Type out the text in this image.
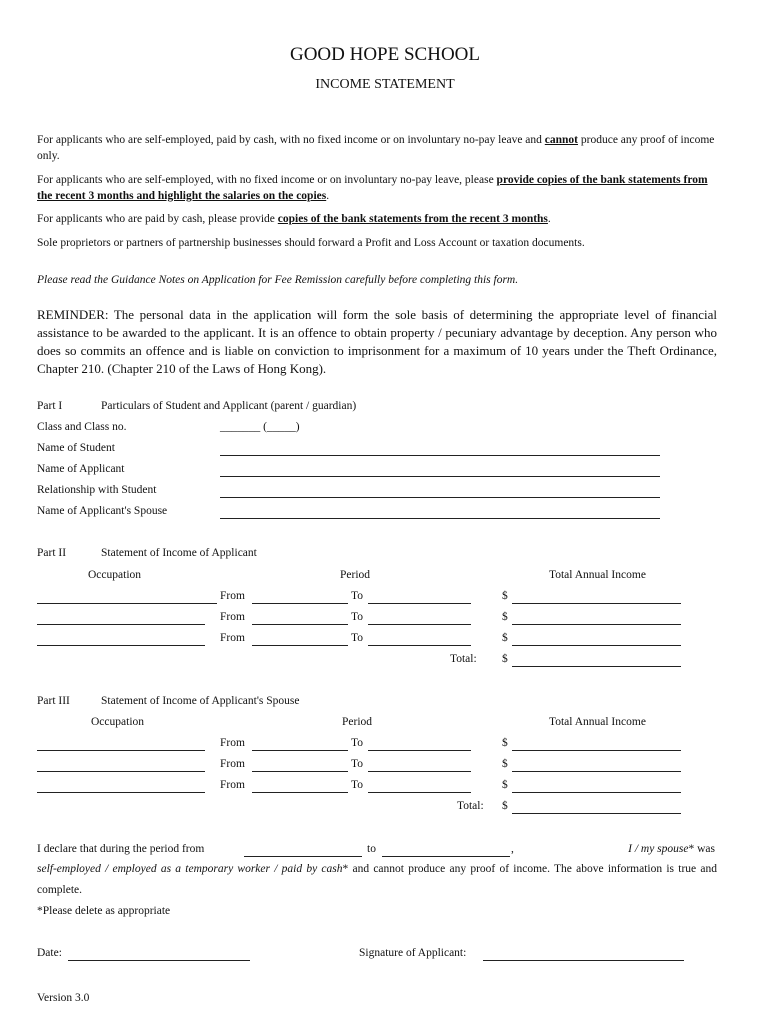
GOOD HOPE SCHOOL
INCOME STATEMENT
For applicants who are self-employed, paid by cash, with no fixed income or on involuntary no-pay leave and cannot produce any proof of income only.
For applicants who are self-employed, with no fixed income or on involuntary no-pay leave, please provide copies of the bank statements from the recent 3 months and highlight the salaries on the copies.
For applicants who are paid by cash, please provide copies of the bank statements from the recent 3 months.
Sole proprietors or partners of partnership businesses should forward a Profit and Loss Account or taxation documents.
Please read the Guidance Notes on Application for Fee Remission carefully before completing this form.
REMINDER: The personal data in the application will form the sole basis of determining the appropriate level of financial assistance to be awarded to the applicant. It is an offence to obtain property / pecuniary advantage by deception. Any person who does so commits an offence and is liable on conviction to imprisonment for a maximum of 10 years under the Theft Ordinance, Chapter 210. (Chapter 210 of the Laws of Hong Kong).
Part I	Particulars of Student and Applicant (parent / guardian)
Class and Class no.	_______ (_____)
Name of Student
Name of Applicant
Relationship with Student
Name of Applicant's Spouse
Part II	Statement of Income of Applicant
Occupation	Period	Total Annual Income
From	To	$
From	To	$
From	To	$
Total: $
Part III	Statement of Income of Applicant's Spouse
Occupation	Period	Total Annual Income
From	To	$
From	To	$
From	To	$
Total: $
I declare that during the period from	to	,	I / my spouse* was
self-employed / employed as a temporary worker / paid by cash* and cannot produce any proof of income. The above information is true and complete.
*Please delete as appropriate
Date:	Signature of Applicant:
Version 3.0
